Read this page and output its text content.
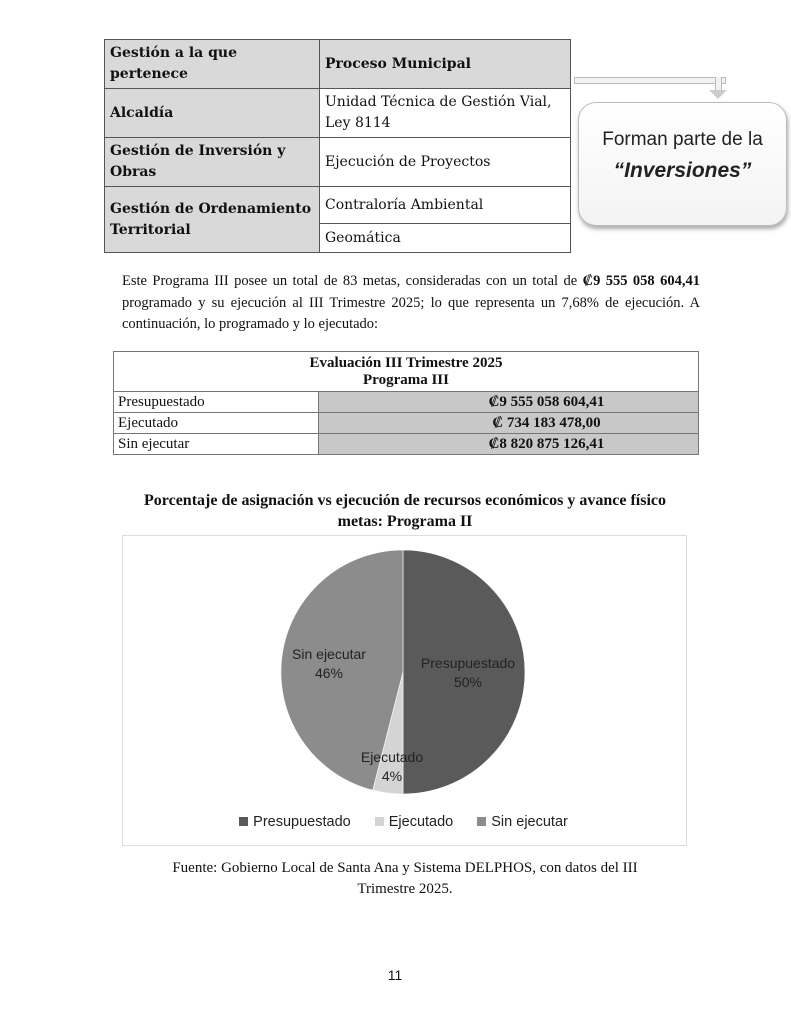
Gestión a la que pertenece	Proceso Municipal
Alcaldía	Unidad Técnica de Gestión Vial, Ley 8114
Gestión de Inversión y Obras	Ejecución de Proyectos
Gestión de Ordenamiento Territorial	Contraloría Ambiental
	Geomática
Forman parte de la
“Inversiones”
Este Programa III posee un total de 83 metas, consideradas con un total de ₡9 555 058 604,41 programado y su ejecución al III Trimestre 2025; lo que representa un 7,68% de ejecución. A continuación, lo programado y lo ejecutado:
Evaluación III Trimestre 2025
Programa III	

Presupuestado	₡9 555 058 604,41
Ejecutado	₡ 734 183 478,00
Sin ejecutar	₡8 820 875 126,41
Porcentaje de asignación vs ejecución de recursos económicos y avance físico metas: Programa II
Sin ejecutar
46%
Presupuestado
50%
Ejecutado
4%
Presupuestado	Ejecutado	Sin ejecutar
Fuente: Gobierno Local de Santa Ana y Sistema DELPHOS, con datos del III
Trimestre 2025.
11
